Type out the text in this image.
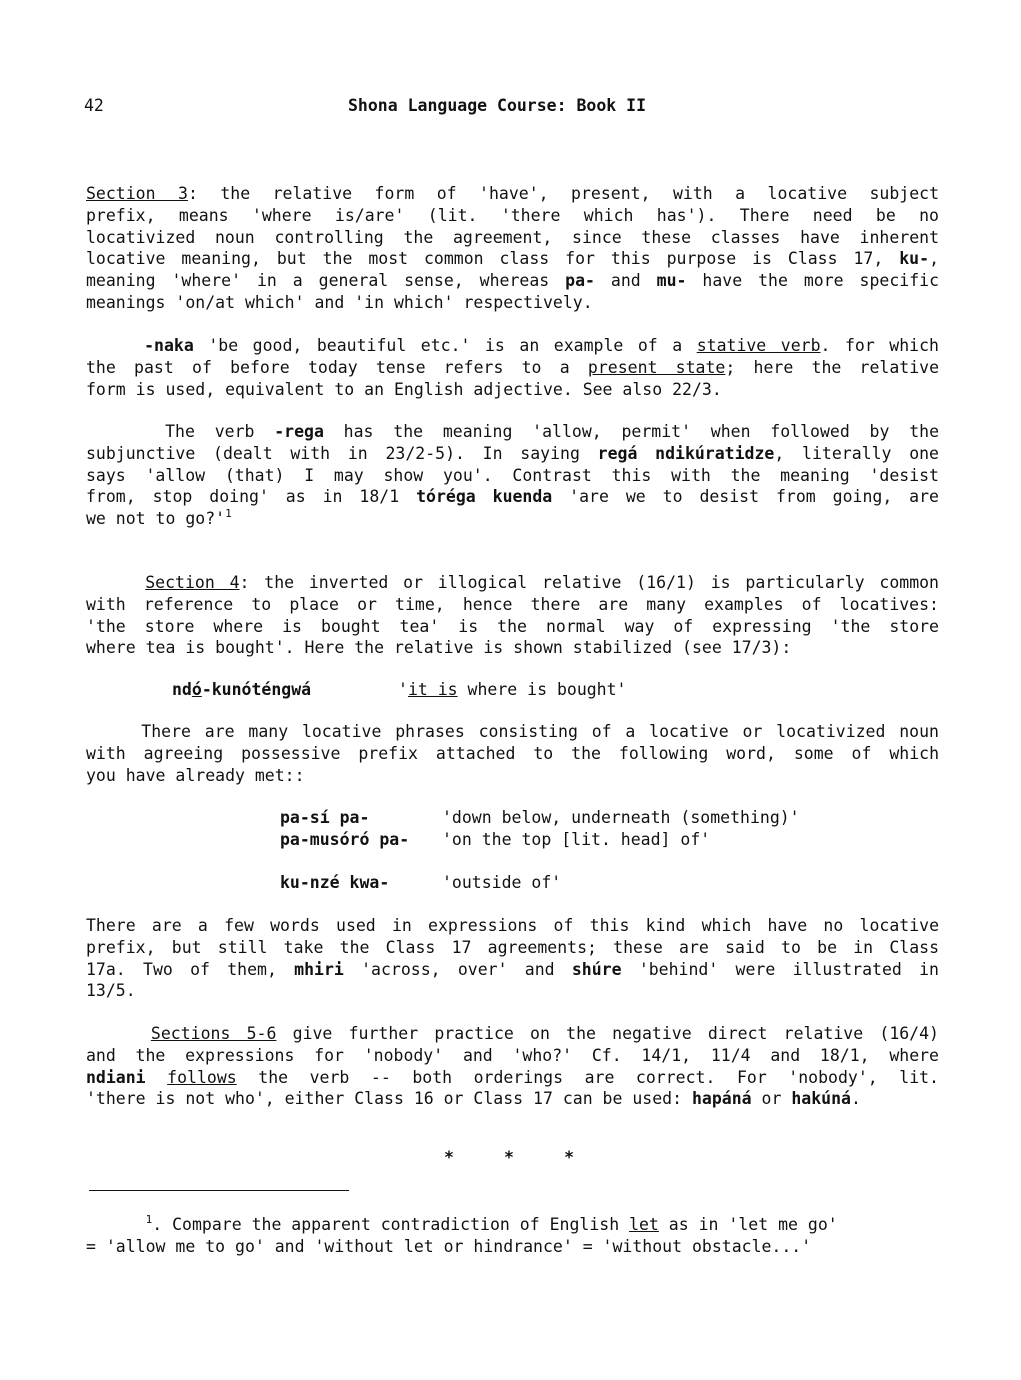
42	Shona Language Course: Book II
Section 3: the relative form of 'have', present, with a locative subject
prefix, means 'where is/are' (lit. 'there which has'). There need be no
locativized noun controlling the agreement, since these classes have inherent
locative meaning, but the most common class for this purpose is Class 17, ku-,
meaning 'where' in a general sense, whereas pa- and mu- have the more specific
meanings 'on/at which' and 'in which' respectively.
-naka 'be good, beautiful etc.' is an example of a stative verb. for which
the past of before today tense refers to a present state; here the relative
form is used, equivalent to an English adjective. See also 22/3.
The verb -rega has the meaning 'allow, permit' when followed by the
subjunctive (dealt with in 23/2-5). In saying regá ndikúratidze, literally one
says 'allow (that) I may show you'. Contrast this with the meaning 'desist
from, stop doing' as in 18/1 tóréga kuenda 'are we to desist from going, are
we not to $go?'^1$
Section 4: the inverted or illogical relative (16/1) is particularly common
with reference to place or time, hence there are many examples of locatives:
'the store where is bought tea' is the normal way of expressing 'the store
where tea is bought'. Here the relative is shown stabilized (see 17/3):
ndó-kunóténgwá	'it is where is bought'
There are many locative phrases consisting of a locative or locativized noun
with agreeing possessive prefix attached to the following word, some of which
you have already met::
pa-sí pa-	'down below, underneath (something)'
pa-musóró pa- 'on the top [lit. head] of'
ku-nzé kwa-	'outside of'
There are a few words used in expressions of this kind which have no locative
prefix, but still take the Class 17 agreements; these are said to be in Class
17a. Two of them, mhiri 'across, over' and shúre 'behind' were illustrated in
13/5.
Sections 5-6 give further practice on the negative direct relative (16/4)
and the expressions for 'nobody' and 'who?' Cf. 14/1, 11/4 and 18/1, where
ndiani follows the verb -- both orderings are correct. For 'nobody', lit.
'there is not who', either Class 16 or Class 17 can be used: hapáná or hakúná.
*	*	*
$^1$. Compare the apparent contradiction of English let as in 'let me go'
= 'allow me to go' and 'without let or hindrance' = 'without obstacle...'
